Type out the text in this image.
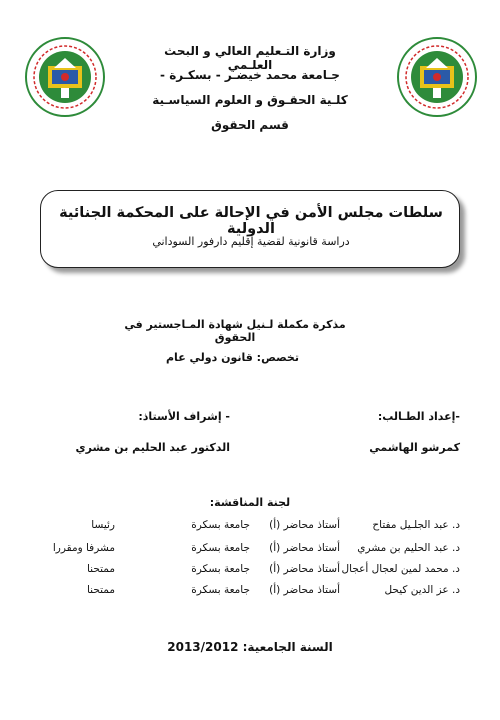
وزارة التـعليم العالي و البحث العلـمي
جـامعة محمد خيضـر - بسكـرة -
كلـية الحقـوق و العلوم السياسـية
قسم الحقوق
سلطات مجلس الأمن في الإحالة على المحكمة الجنائية الدولية
دراسة قانونية لقضية إقليم دارفور السوداني
مذكرة مكملة لـنيل شهادة المـاجستير في الحقوق
تخصص: قانون دولي عام
-إعداد الطـالب:
- إشراف الأستاذ:
كمرشو الهاشمي
الدكتور عبد الحليم بن مشري
لجنة المناقشة:
د. عبد الجلـيل مفتاح
أستاذ محاضر (أ)
جامعة بسكرة
رئيسا
د. عبد الحليم بن مشري
أستاذ محاضر (أ)
جامعة بسكرة
مشرفا ومقررا
د. محمد لمين لعجال أعجال
أستاذ محاضر (أ)
جامعة بسكرة
ممتحنا
د. عز الدين كيحل
أستاذ محاضر (أ)
جامعة بسكرة
ممتحنا
السنة الجامعية: 2013/2012
